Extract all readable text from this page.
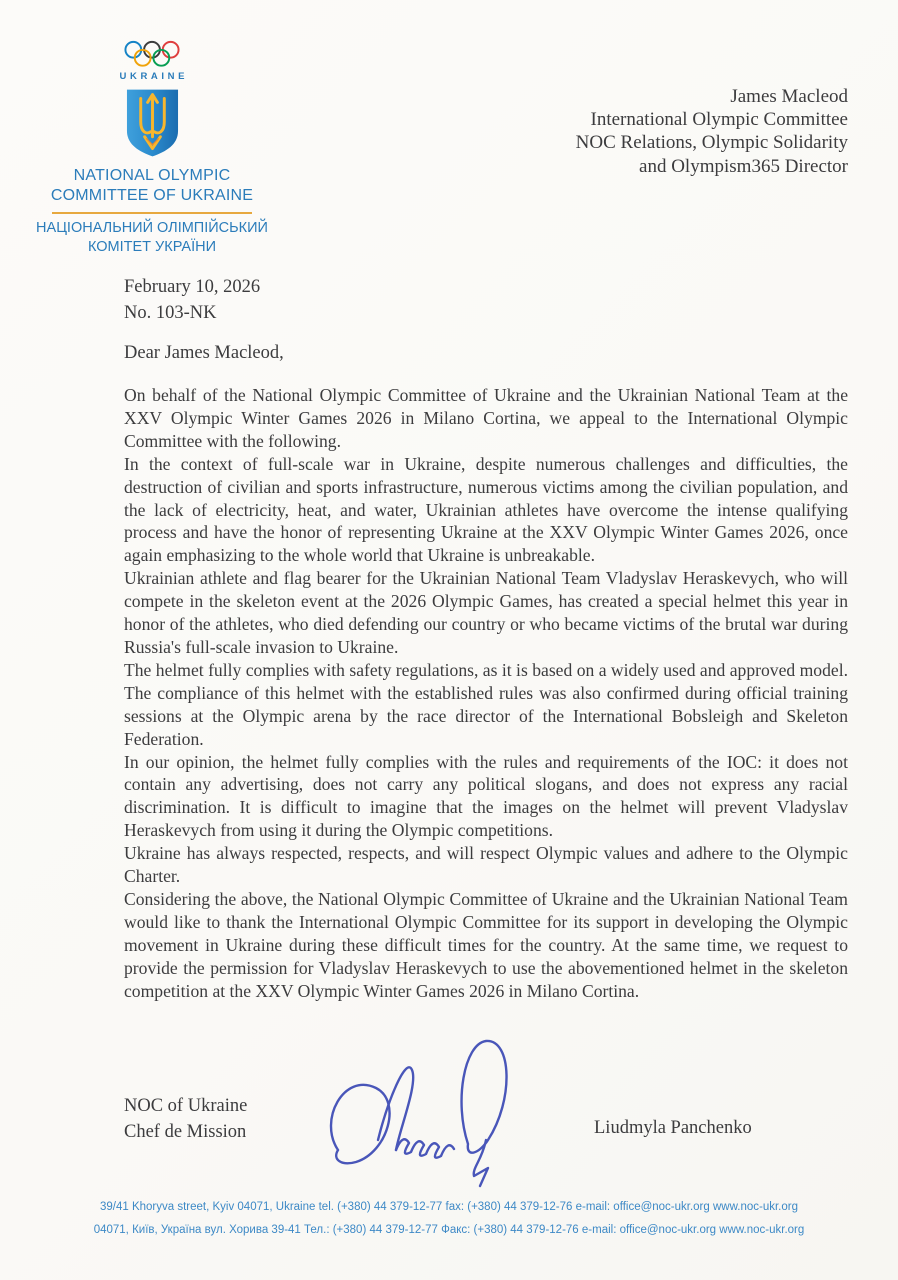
UKRAINE
NATIONAL OLYMPIC
COMMITTEE OF UKRAINE
НАЦІОНАЛЬНИЙ ОЛІМПІЙСЬКИЙ
КОМІТЕТ УКРАЇНИ
James Macleod
International Olympic Committee
NOC Relations, Olympic Solidarity
and Olympism365 Director
February 10, 2026
No. 103-NK
Dear James Macleod,

On behalf of the National Olympic Committee of Ukraine and the Ukrainian National Team at the XXV Olympic Winter Games 2026 in Milano Cortina, we appeal to the International Olympic Committee with the following.

In the context of full-scale war in Ukraine, despite numerous challenges and difficulties, the destruction of civilian and sports infrastructure, numerous victims among the civilian population, and the lack of electricity, heat, and water, Ukrainian athletes have overcome the intense qualifying process and have the honor of representing Ukraine at the XXV Olympic Winter Games 2026, once again emphasizing to the whole world that Ukraine is unbreakable.

Ukrainian athlete and flag bearer for the Ukrainian National Team Vladyslav Heraskevych, who will compete in the skeleton event at the 2026 Olympic Games, has created a special helmet this year in honor of the athletes, who died defending our country or who became victims of the brutal war during Russia's full-scale invasion to Ukraine.

The helmet fully complies with safety regulations, as it is based on a widely used and approved model. The compliance of this helmet with the established rules was also confirmed during official training sessions at the Olympic arena by the race director of the International Bobsleigh and Skeleton Federation.

In our opinion, the helmet fully complies with the rules and requirements of the IOC: it does not contain any advertising, does not carry any political slogans, and does not express any racial discrimination. It is difficult to imagine that the images on the helmet will prevent Vladyslav Heraskevych from using it during the Olympic competitions.

Ukraine has always respected, respects, and will respect Olympic values and adhere to the Olympic Charter.

Considering the above, the National Olympic Committee of Ukraine and the Ukrainian National Team would like to thank the International Olympic Committee for its support in developing the Olympic movement in Ukraine during these difficult times for the country. At the same time, we request to provide the permission for Vladyslav Heraskevych to use the abovementioned helmet in the skeleton competition at the XXV Olympic Winter Games 2026 in Milano Cortina.

NOC of Ukraine
Chef de Mission	Liudmyla Panchenko
39/41 Khoryva street, Kyiv 04071, Ukraine tel. (+380) 44 379-12-77 fax: (+380) 44 379-12-76 e-mail: office@noc-ukr.org www.noc-ukr.org
04071, Київ, Україна вул. Хорива 39-41 Тел.: (+380) 44 379-12-77 Факс: (+380) 44 379-12-76 e-mail: office@noc-ukr.org www.noc-ukr.org
